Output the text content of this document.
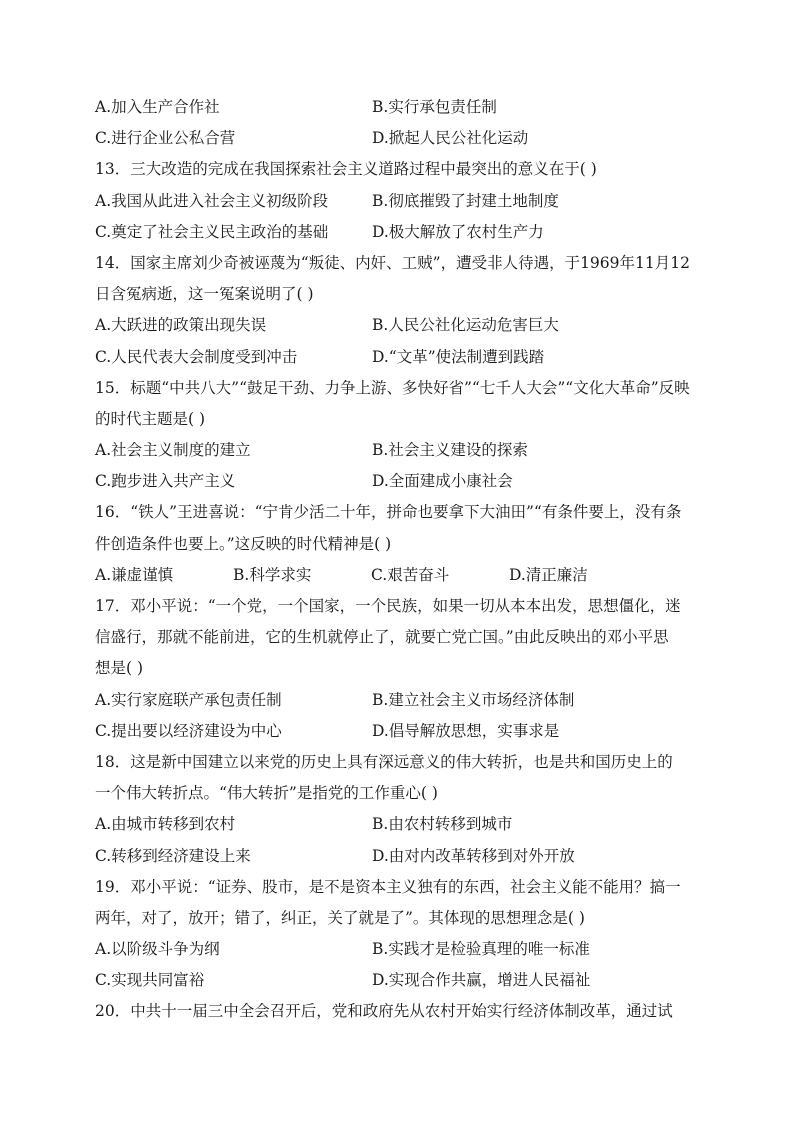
A.加入生产合作社	B.实行承包责任制
C.进行企业公私合营	D.掀起人民公社化运动
13．三大改造的完成在我国探索社会主义道路过程中最突出的意义在于( )
A.我国从此进入社会主义初级阶段	B.彻底摧毁了封建土地制度
C.奠定了社会主义民主政治的基础	D.极大解放了农村生产力
14．国家主席刘少奇被诬蔑为“叛徒、内奸、工贼”，遭受非人待遇，于1969年11月12
日含冤病逝，这一冤案说明了( )
A.大跃进的政策出现失误	B.人民公社化运动危害巨大
C.人民代表大会制度受到冲击	D.“文革”使法制遭到践踏
15．标题“中共八大”“鼓足干劲、力争上游、多快好省”“七千人大会”“文化大革命”反映
的时代主题是( )
A.社会主义制度的建立	B.社会主义建设的探索
C.跑步进入共产主义	D.全面建成小康社会
16．“铁人”王进喜说：“宁肯少活二十年，拼命也要拿下大油田”“有条件要上，没有条
件创造条件也要上。”这反映的时代精神是( )
A.谦虚谨慎	B.科学求实	C.艰苦奋斗	D.清正廉洁
17．邓小平说：“一个党，一个国家，一个民族，如果一切从本本出发，思想僵化，迷
信盛行，那就不能前进，它的生机就停止了，就要亡党亡国。”由此反映出的邓小平思
想是( )
A.实行家庭联产承包责任制	B.建立社会主义市场经济体制
C.提出要以经济建设为中心	D.倡导解放思想，实事求是
18．这是新中国建立以来党的历史上具有深远意义的伟大转折，也是共和国历史上的
一个伟大转折点。“伟大转折”是指党的工作重心( )
A.由城市转移到农村	B.由农村转移到城市
C.转移到经济建设上来	D.由对内改革转移到对外开放
19．邓小平说：“证券、股市，是不是资本主义独有的东西，社会主义能不能用？搞一
两年，对了，放开；错了，纠正，关了就是了”。其体现的思想理念是( )
A.以阶级斗争为纲	B.实践才是检验真理的唯一标准
C.实现共同富裕	D.实现合作共赢，增进人民福祉
20．中共十一届三中全会召开后，党和政府先从农村开始实行经济体制改革，通过试
